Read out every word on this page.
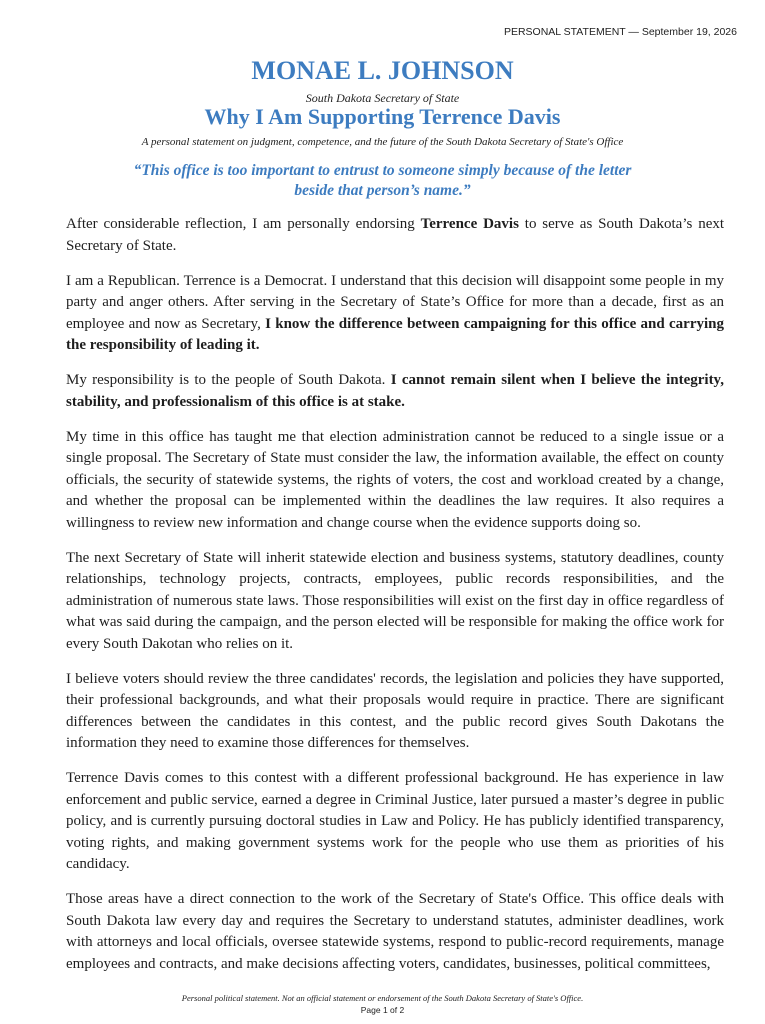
PERSONAL STATEMENT — September 19, 2026
MONAE L. JOHNSON
South Dakota Secretary of State
Why I Am Supporting Terrence Davis
A personal statement on judgment, competence, and the future of the South Dakota Secretary of State's Office
“This office is too important to entrust to someone simply because of the letter
beside that person’s name.”

After considerable reflection, I am personally endorsing Terrence Davis to serve as South Dakota’s next Secretary of State.

I am a Republican. Terrence is a Democrat. I understand that this decision will disappoint some people in my party and anger others. After serving in the Secretary of State’s Office for more than a decade, first as an employee and now as Secretary, I know the difference between campaigning for this office and carrying the responsibility of leading it.

My responsibility is to the people of South Dakota. I cannot remain silent when I believe the integrity, stability, and professionalism of this office is at stake.

My time in this office has taught me that election administration cannot be reduced to a single issue or a single proposal. The Secretary of State must consider the law, the information available, the effect on county officials, the security of statewide systems, the rights of voters, the cost and workload created by a change, and whether the proposal can be implemented within the deadlines the law requires. It also requires a willingness to review new information and change course when the evidence supports doing so.

The next Secretary of State will inherit statewide election and business systems, statutory deadlines, county relationships, technology projects, contracts, employees, public records responsibilities, and the administration of numerous state laws. Those responsibilities will exist on the first day in office regardless of what was said during the campaign, and the person elected will be responsible for making the office work for every South Dakotan who relies on it.

I believe voters should review the three candidates' records, the legislation and policies they have supported, their professional backgrounds, and what their proposals would require in practice. There are significant differences between the candidates in this contest, and the public record gives South Dakotans the information they need to examine those differences for themselves.

Terrence Davis comes to this contest with a different professional background. He has experience in law enforcement and public service, earned a degree in Criminal Justice, later pursued a master’s degree in public policy, and is currently pursuing doctoral studies in Law and Policy. He has publicly identified transparency, voting rights, and making government systems work for the people who use them as priorities of his candidacy.

Those areas have a direct connection to the work of the Secretary of State's Office. This office deals with South Dakota law every day and requires the Secretary to understand statutes, administer deadlines, work with attorneys and local officials, oversee statewide systems, respond to public-record requirements, manage employees and contracts, and make decisions affecting voters, candidates, businesses, political committees,

Personal political statement. Not an official statement or endorsement of the South Dakota Secretary of State's Office.
Page 1 of 2
